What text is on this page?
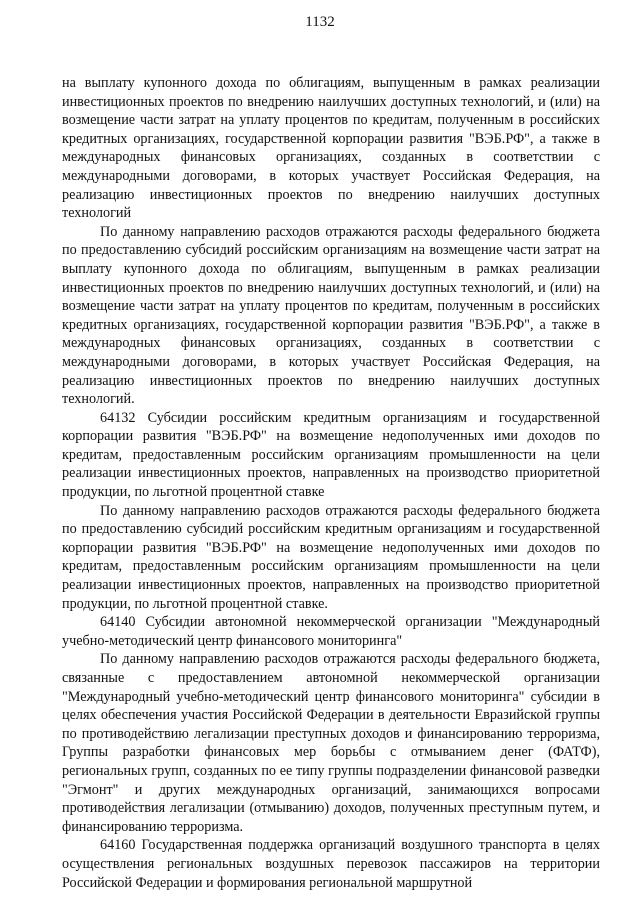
1132

на выплату купонного дохода по облигациям, выпущенным в рамках реализации инвестиционных проектов по внедрению наилучших доступных технологий, и (или) на возмещение части затрат на уплату процентов по кредитам, полученным в российских кредитных организациях, государственной корпорации развития "ВЭБ.РФ", а также в международных финансовых организациях, созданных в соответствии с международными договорами, в которых участвует Российская Федерация, на реализацию инвестиционных проектов по внедрению наилучших доступных технологий

По данному направлению расходов отражаются расходы федерального бюджета по предоставлению субсидий российским организациям на возмещение части затрат на выплату купонного дохода по облигациям, выпущенным в рамках реализации инвестиционных проектов по внедрению наилучших доступных технологий, и (или) на возмещение части затрат на уплату процентов по кредитам, полученным в российских кредитных организациях, государственной корпорации развития "ВЭБ.РФ", а также в международных финансовых организациях, созданных в соответствии с международными договорами, в которых участвует Российская Федерация, на реализацию инвестиционных проектов по внедрению наилучших доступных технологий.

64132 Субсидии российским кредитным организациям и государственной корпорации развития "ВЭБ.РФ" на возмещение недополученных ими доходов по кредитам, предоставленным российским организациям промышленности на цели реализации инвестиционных проектов, направленных на производство приоритетной продукции, по льготной процентной ставке

По данному направлению расходов отражаются расходы федерального бюджета по предоставлению субсидий российским кредитным организациям и государственной корпорации развития "ВЭБ.РФ" на возмещение недополученных ими доходов по кредитам, предоставленным российским организациям промышленности на цели реализации инвестиционных проектов, направленных на производство приоритетной продукции, по льготной процентной ставке.

64140 Субсидии автономной некоммерческой организации "Международный учебно-методический центр финансового мониторинга"

По данному направлению расходов отражаются расходы федерального бюджета, связанные с предоставлением автономной некоммерческой организации "Международный учебно-методический центр финансового мониторинга" субсидии в целях обеспечения участия Российской Федерации в деятельности Евразийской группы по противодействию легализации преступных доходов и финансированию терроризма, Группы разработки финансовых мер борьбы с отмыванием денег (ФАТФ), региональных групп, созданных по ее типу группы подразделении финансовой разведки "Эгмонт" и других международных организаций, занимающихся вопросами противодействия легализации (отмыванию) доходов, полученных преступным путем, и финансированию терроризма.

64160 Государственная поддержка организаций воздушного транспорта в целях осуществления региональных воздушных перевозок пассажиров на территории Российской Федерации и формирования региональной маршрутной
